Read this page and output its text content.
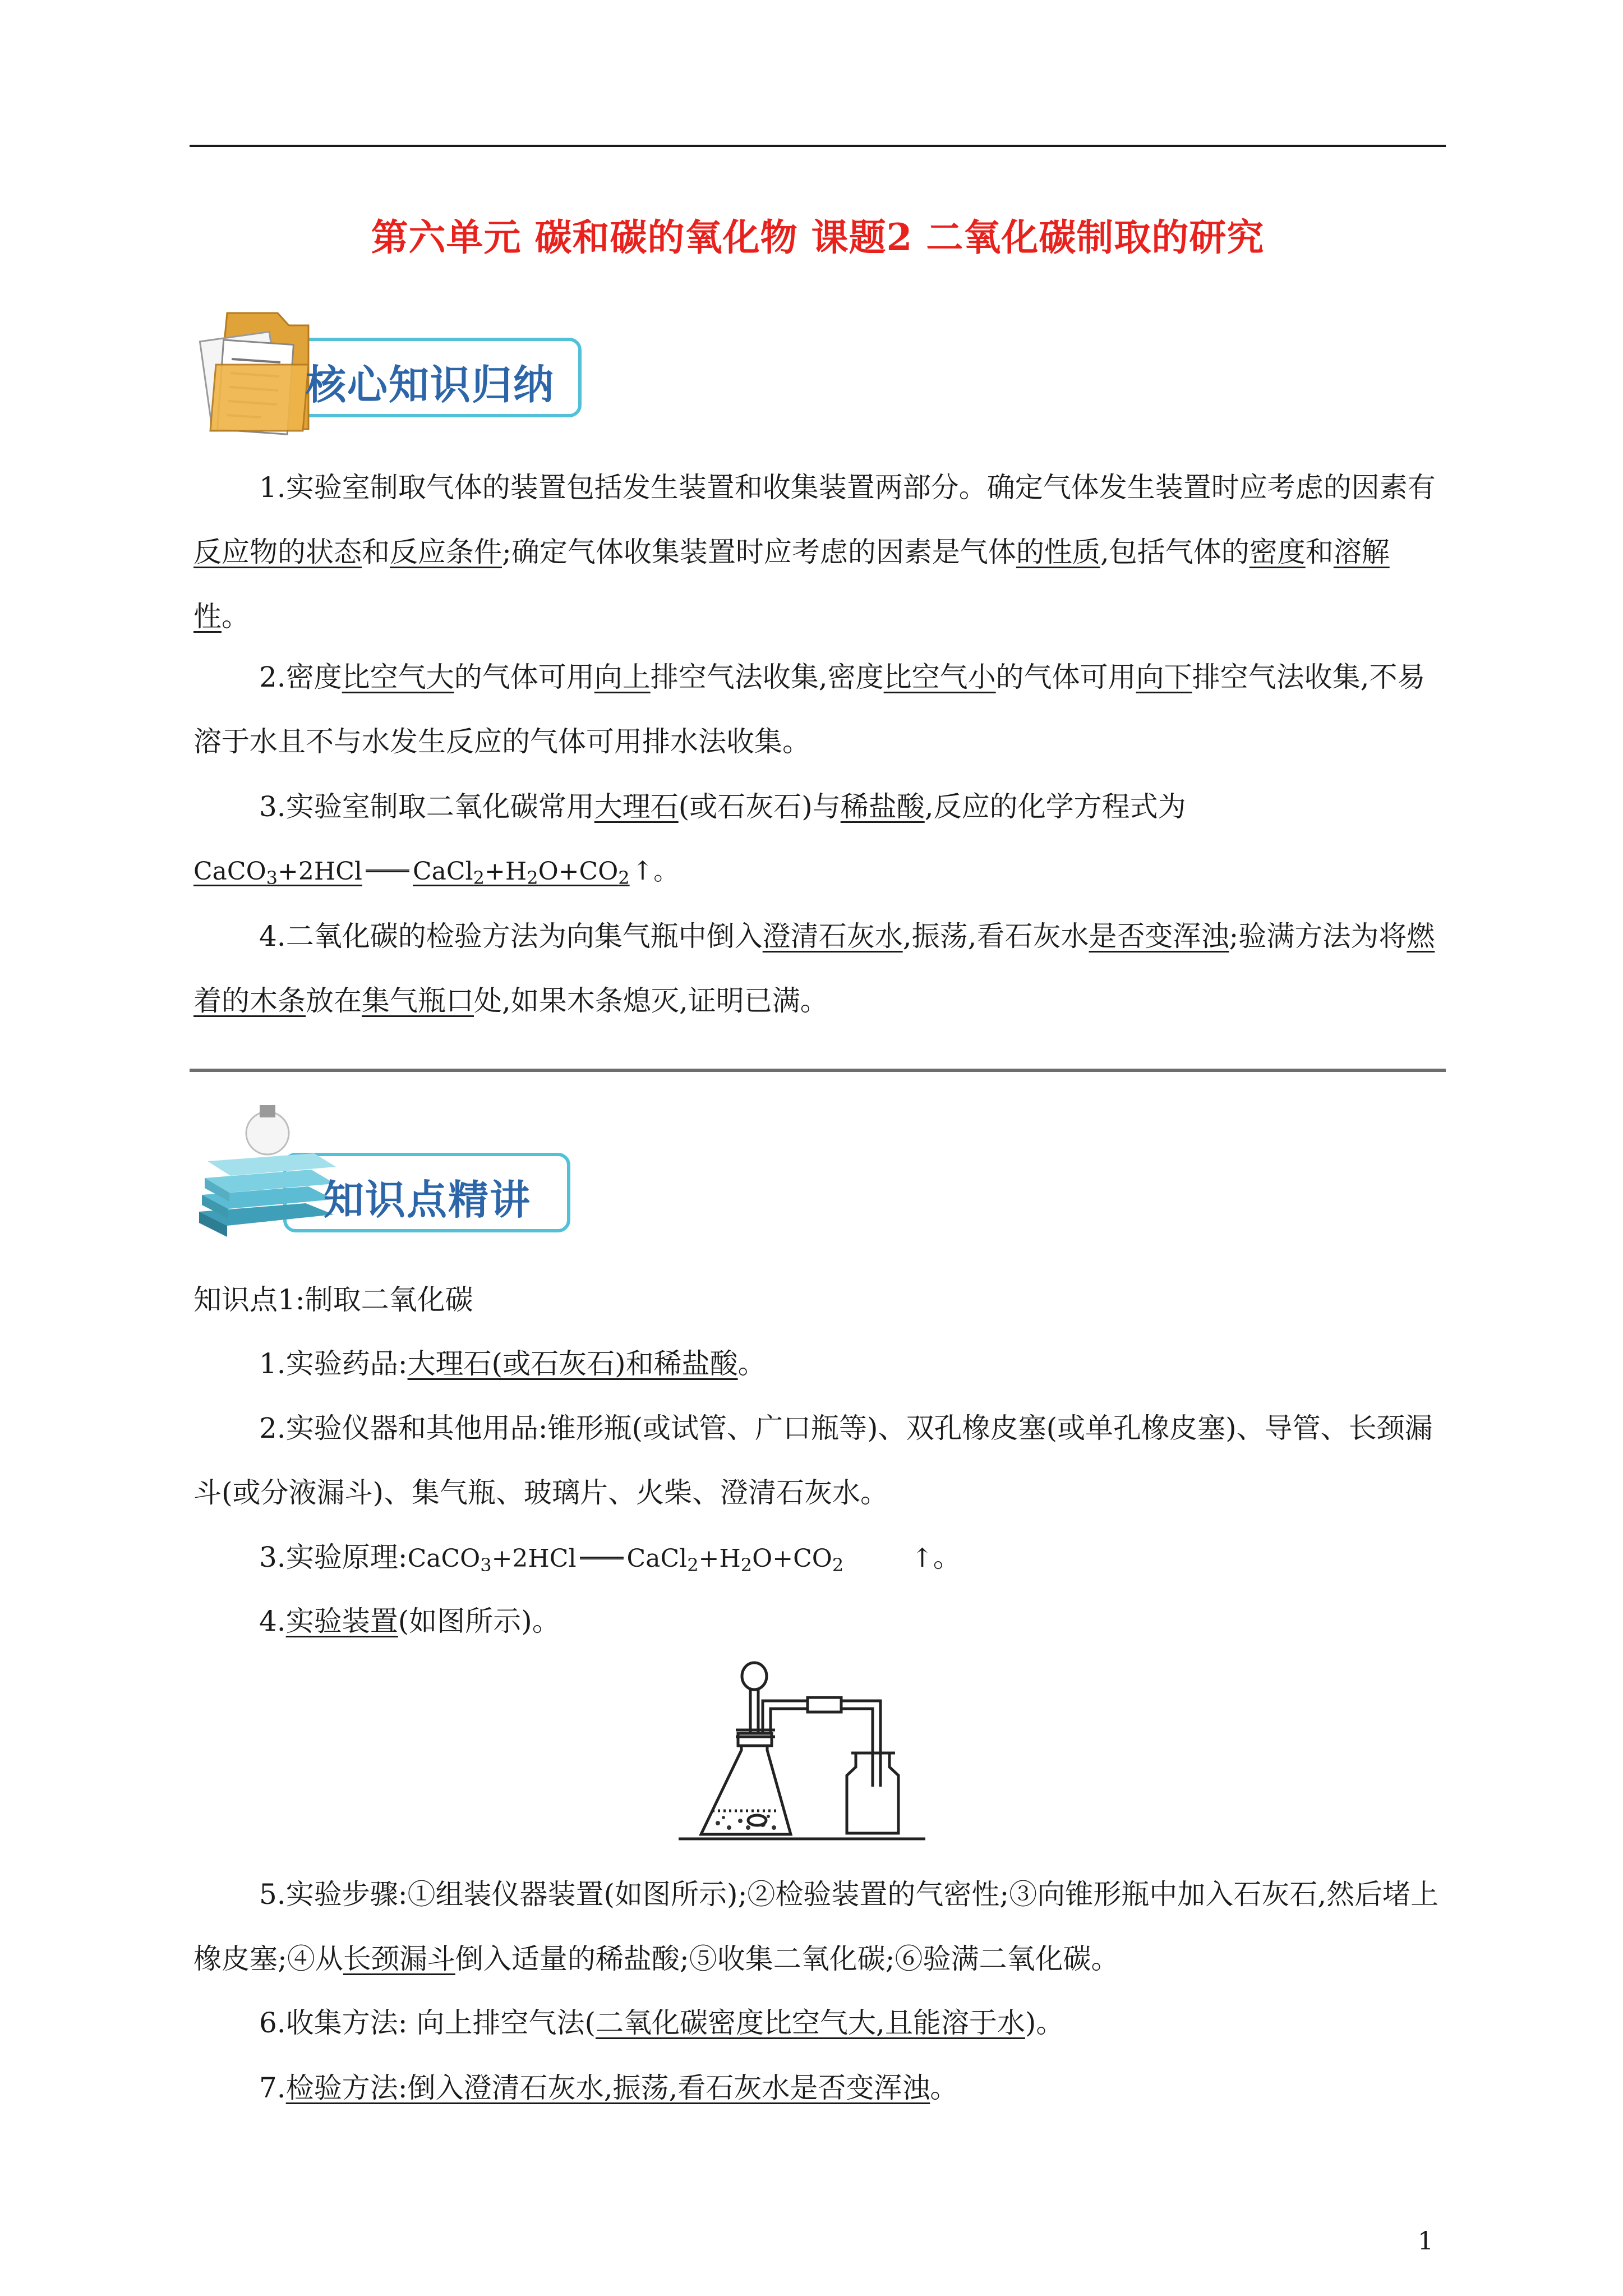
第六单元 碳和碳的氧化物 课题2 二氧化碳制取的研究
核心知识归纳

1.实验室制取气体的装置包括发生装置和收集装置两部分。确定气体发生装置时应考虑的因素有反应物的状态和反应条件;确定气体收集装置时应考虑的因素是气体的性质,包括气体的密度和溶解性。

2.密度比空气大的气体可用向上排空气法收集,密度比空气小的气体可用向下排空气法收集,不易溶于水且不与水发生反应的气体可用排水法收集。

3.实验室制取二氧化碳常用大理石(或石灰石)与稀盐酸,反应的化学方程式为

CaCO$_3$+2HCl $CaCl_2+H_2O+CO_2↑$。

4.二氧化碳的检验方法为向集气瓶中倒入澄清石灰水,振荡,看石灰水是否变浑浊;验满方法为将燃着的木条放在集气瓶口处,如果木条熄灭,证明已满。

知识点精讲

知识点1:制取二氧化碳

1.实验药品:大理石(或石灰石)和稀盐酸。

2.实验仪器和其他用品:锥形瓶(或试管、广口瓶等)、双孔橡皮塞(或单孔橡皮塞)、导管、长颈漏斗(或分液漏斗)、集气瓶、玻璃片、火柴、澄清石灰水。

3.实验原理:CaCO$_3$+2HCl $CaCl_2+H_2O+CO_2$	↑。

4.实验装置(如图所示)。

5.实验步骤:①组装仪器装置(如图所示);②检验装置的气密性;③向锥形瓶中加入石灰石,然后堵上橡皮塞;④从长颈漏斗倒入适量的稀盐酸;⑤收集二氧化碳;⑥验满二氧化碳。

6.收集方法: 向上排空气法(二氧化碳密度比空气大,且能溶于水)。

7.检验方法:倒入澄清石灰水,振荡,看石灰水是否变浑浊。

1
